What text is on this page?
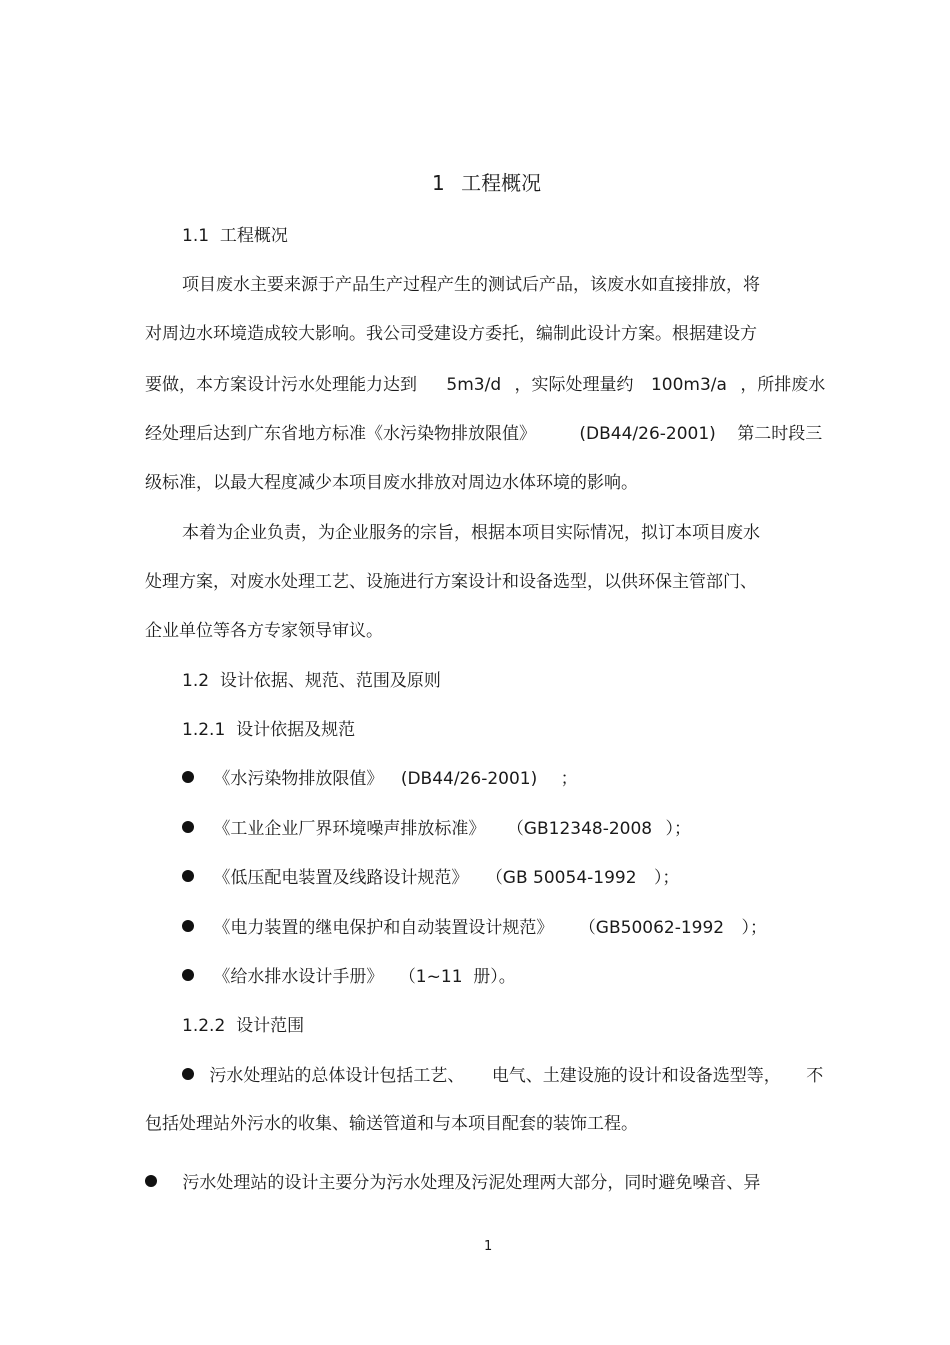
1 工程概况
1.1  工程概况
项目废水主要来源于产品生产过程产生的测试后产品，该废水如直接排放，将
对周边水环境造成较大影响。我公司受建设方委托，编制此设计方案。根据建设方
要做，本方案设计污水处理能力达到 5m3/d ，实际处理量约 100m3/a ，所排废水
经处理后达到广东省地方标准《水污染物排放限值》	(DB44/26-2001) 第二时段三
级标准，以最大程度减少本项目废水排放对周边水体环境的影响。
本着为企业负责，为企业服务的宗旨，根据本项目实际情况，拟订本项目废水
处理方案，对废水处理工艺、设施进行方案设计和设备选型，以供环保主管部门、
企业单位等各方专家领导审议。
1.2  设计依据、规范、范围及原则
1.2.1  设计依据及规范
《水污染物排放限值》 (DB44/26-2001) ；
《工业企业厂界环境噪声排放标准》 （GB12348-2008 ）；
《低压配电装置及线路设计规范》 （GB 50054-1992 ）；
《电力装置的继电保护和自动装置设计规范》 （GB50062-1992 ）；
《给水排水设计手册》 （1~11  册）。
1.2.2  设计范围
污水处理站的总体设计包括工艺、 电气、土建设施的设计和设备选型等， 不
包括处理站外污水的收集、输送管道和与本项目配套的装饰工程。
污水处理站的设计主要分为污水处理及污泥处理两大部分，同时避免噪音、异
1
